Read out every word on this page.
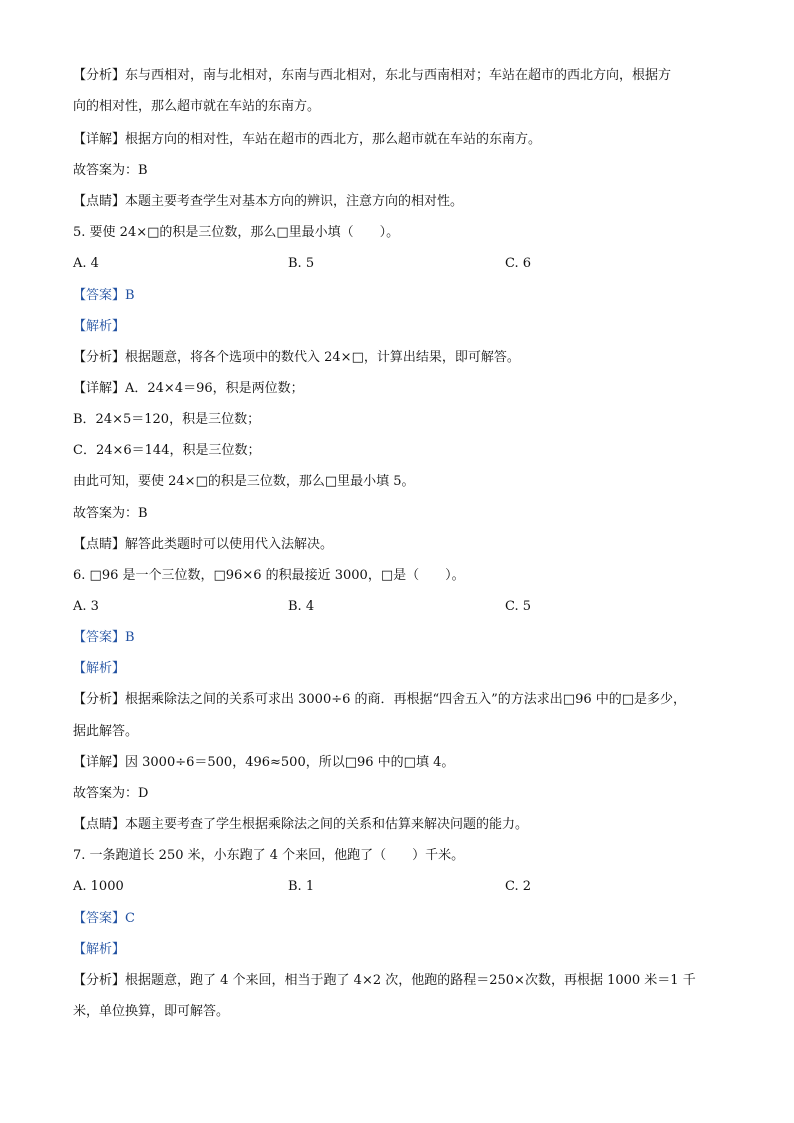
【分析】东与西相对，南与北相对，东南与西北相对，东北与西南相对；车站在超市的西北方向，根据方
向的相对性，那么超市就在车站的东南方。
【详解】根据方向的相对性，车站在超市的西北方，那么超市就在车站的东南方。
故答案为：B
【点睛】本题主要考查学生对基本方向的辨识，注意方向的相对性。
5. 要使 24×□的积是三位数，那么□里最小填（　　）。
A. 4	B. 5	C. 6
【答案】B
【解析】
【分析】根据题意，将各个选项中的数代入 24×□，计算出结果，即可解答。
【详解】A．24×4＝96，积是两位数；
B．24×5＝120，积是三位数；
C．24×6＝144，积是三位数；
由此可知，要使 24×□的积是三位数，那么□里最小填 5。
故答案为：B
【点睛】解答此类题时可以使用代入法解决。
6. □96 是一个三位数，□96×6 的积最接近 3000，□是（　　）。
A. 3	B. 4	C. 5
【答案】B
【解析】
【分析】根据乘除法之间的关系可求出 3000÷6 的商．再根据“四舍五入”的方法求出□96 中的□是多少，
据此解答。
【详解】因 3000÷6＝500，496≈500，所以□96 中的□填 4。
故答案为：D
【点睛】本题主要考查了学生根据乘除法之间的关系和估算来解决问题的能力。
7. 一条跑道长 250 米，小东跑了 4 个来回，他跑了（　　）千米。
A. 1000	B. 1	C. 2
【答案】C
【解析】
【分析】根据题意，跑了 4 个来回，相当于跑了 4×2 次，他跑的路程＝250×次数，再根据 1000 米＝1 千
米，单位换算，即可解答。
